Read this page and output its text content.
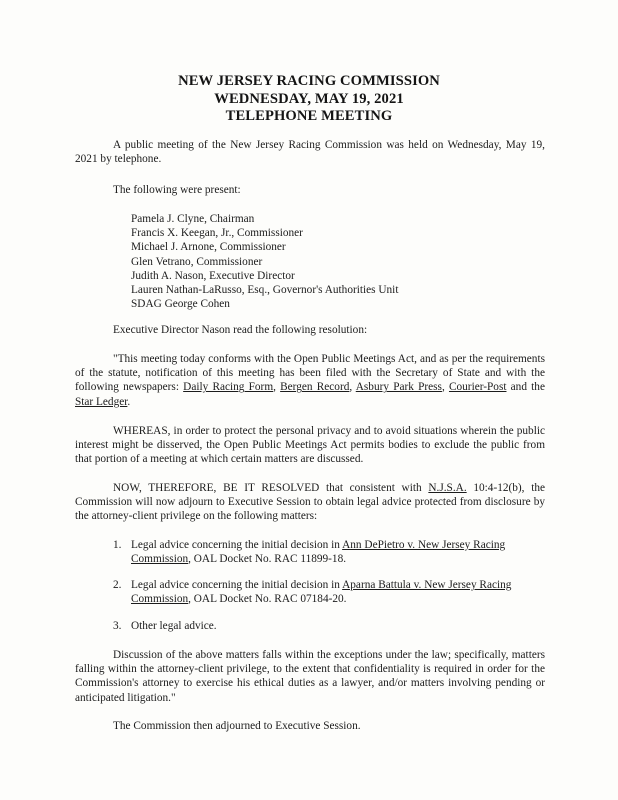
NEW JERSEY RACING COMMISSION
WEDNESDAY, MAY 19, 2021
TELEPHONE MEETING
A public meeting of the New Jersey Racing Commission was held on Wednesday, May 19, 2021 by telephone.
The following were present:
Pamela J. Clyne, Chairman
Francis X. Keegan, Jr., Commissioner
Michael J. Arnone, Commissioner
Glen Vetrano, Commissioner
Judith A. Nason, Executive Director
Lauren Nathan-LaRusso, Esq., Governor's Authorities Unit
SDAG George Cohen
Executive Director Nason read the following resolution:
"This meeting today conforms with the Open Public Meetings Act, and as per the requirements of the statute, notification of this meeting has been filed with the Secretary of State and with the following newspapers: Daily Racing Form, Bergen Record, Asbury Park Press, Courier-Post and the Star Ledger.
WHEREAS, in order to protect the personal privacy and to avoid situations wherein the public interest might be disserved, the Open Public Meetings Act permits bodies to exclude the public from that portion of a meeting at which certain matters are discussed.
NOW, THEREFORE, BE IT RESOLVED that consistent with N.J.S.A. 10:4-12(b), the Commission will now adjourn to Executive Session to obtain legal advice protected from disclosure by the attorney-client privilege on the following matters:
1. Legal advice concerning the initial decision in Ann DePietro v. New Jersey Racing Commission, OAL Docket No. RAC 11899-18.
2. Legal advice concerning the initial decision in Aparna Battula v. New Jersey Racing Commission, OAL Docket No. RAC 07184-20.
3. Other legal advice.
Discussion of the above matters falls within the exceptions under the law; specifically, matters falling within the attorney-client privilege, to the extent that confidentiality is required in order for the Commission's attorney to exercise his ethical duties as a lawyer, and/or matters involving pending or anticipated litigation."
The Commission then adjourned to Executive Session.
